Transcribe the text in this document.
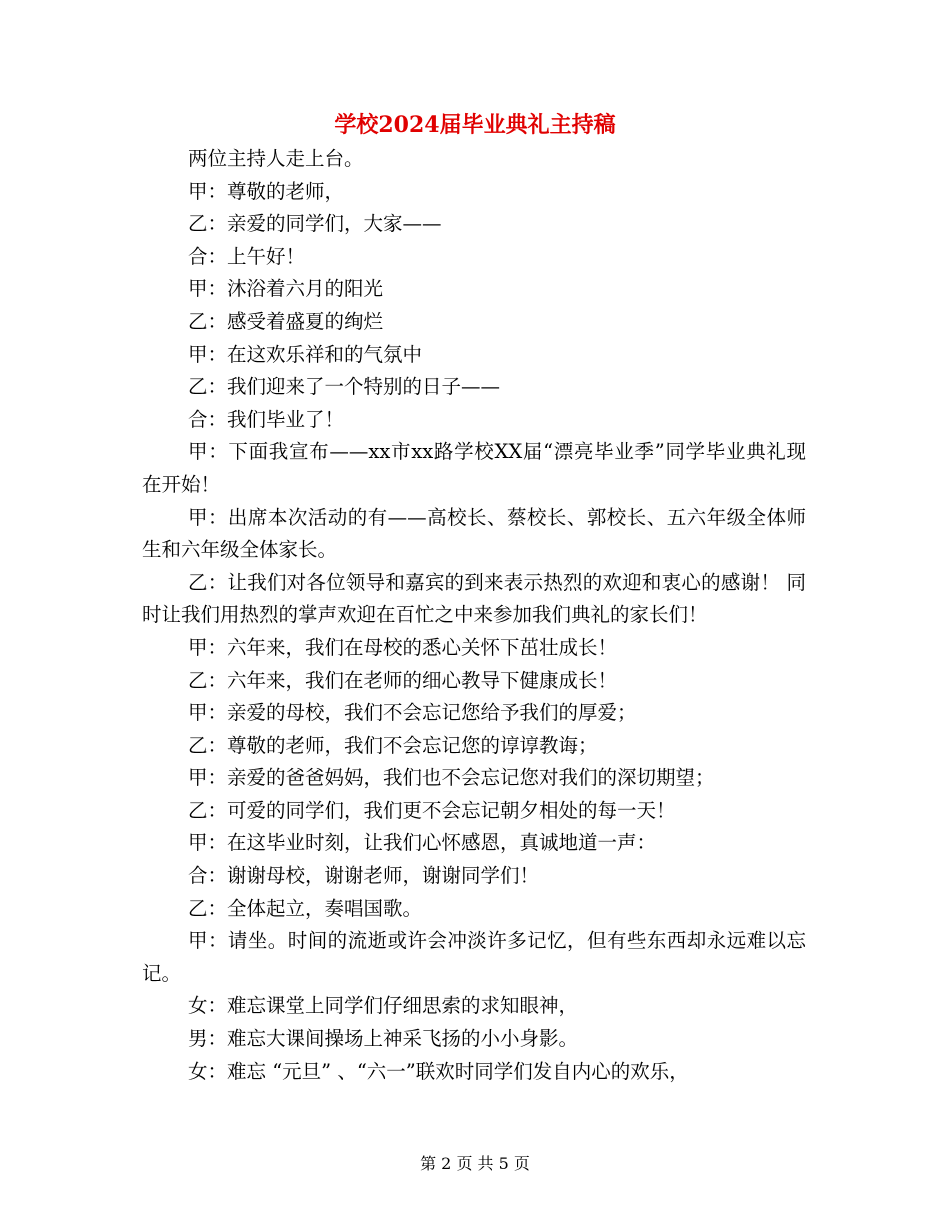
学校2024届毕业典礼主持稿

两位主持人走上台。

甲：尊敬的老师，

乙：亲爱的同学们，大家——

合：上午好！

甲：沐浴着六月的阳光

乙：感受着盛夏的绚烂

甲：在这欢乐祥和的气氛中

乙：我们迎来了一个特别的日子——

合：我们毕业了！

甲：下面我宣布——xx市xx路学校XX届“漂亮毕业季”同学毕业典礼现在开始！

甲：出席本次活动的有——高校长、蔡校长、郭校长、五六年级全体师生和六年级全体家长。

乙：让我们对各位领导和嘉宾的到来表示热烈的欢迎和衷心的感谢！ 同时让我们用热烈的掌声欢迎在百忙之中来参加我们典礼的家长们！

甲：六年来，我们在母校的悉心关怀下茁壮成长！

乙：六年来，我们在老师的细心教导下健康成长！

甲：亲爱的母校，我们不会忘记您给予我们的厚爱；

乙：尊敬的老师，我们不会忘记您的谆谆教诲；

甲：亲爱的爸爸妈妈，我们也不会忘记您对我们的深切期望；

乙：可爱的同学们，我们更不会忘记朝夕相处的每一天！

甲：在这毕业时刻，让我们心怀感恩，真诚地道一声：

合：谢谢母校，谢谢老师，谢谢同学们！

乙：全体起立，奏唱国歌。

甲：请坐。时间的流逝或许会冲淡许多记忆，但有些东西却永远难以忘记。

女：难忘课堂上同学们仔细思索的求知眼神，

男：难忘大课间操场上神采飞扬的小小身影。

女：难忘 “元旦” 、“六一”联欢时同学们发自内心的欢乐，

第 2 页 共 5 页
